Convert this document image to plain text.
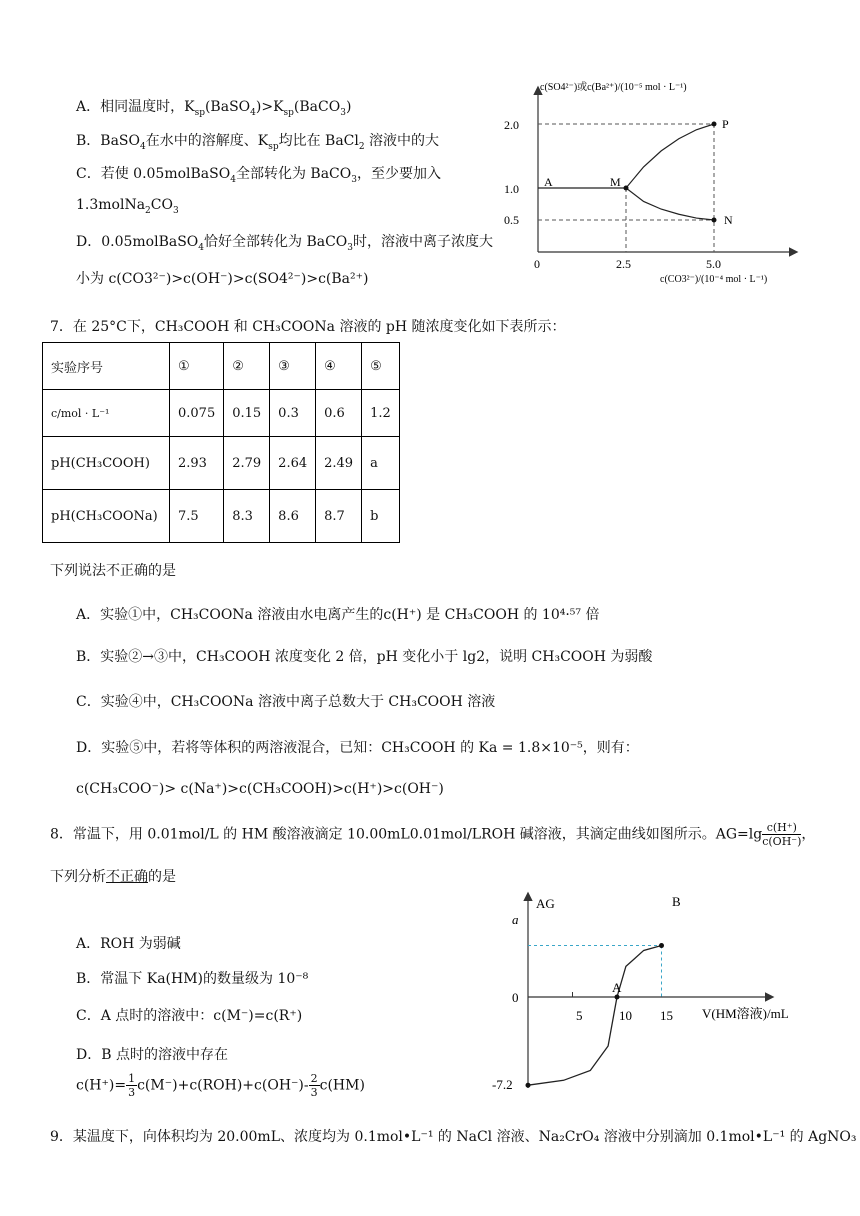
A．相同温度时，$K_{sp}(BaSO_4)>K_{sp}(BaCO_3)$
B．BaSO$_4$在水中的溶解度、$K_{sp}$均比在 BaCl$_2$ 溶液中的大
C．若使 0.05molBaSO$_4$全部转化为 BaCO$_3$，至少要加入
$1.3molNa_2CO_3$
D．0.05molBaSO$_4$恰好全部转化为 BaCO$_3$时，溶液中离子浓度大
小为 c(CO3²⁻)>c(OH⁻)>c(SO4²⁻)>c(Ba²⁺)
c(SO4²⁻)或c(Ba²⁺)/(10⁻⁵ mol · L⁻¹)
c(CO3²⁻)/(10⁻⁴ mol · L⁻¹)
2.0
1.0
0.5
0	2.5	5.0
A	M
P
N
7．在 25°C下，CH₃COOH 和 CH₃COONa 溶液的 pH 随浓度变化如下表所示：
实验序号	①	②	③	④	⑤
c/mol · L⁻¹	0.075	0.15	0.3	0.6	1.2
pH(CH₃COOH)	2.93	2.79	2.64	2.49	a
pH(CH₃COONa)	7.5	8.3	8.6	8.7	b
下列说法不正确的是
A．实验①中，CH₃COONa 溶液由水电离产生的c(H⁺) 是 CH₃COOH 的 10⁴·⁵⁷ 倍
B．实验②→③中，CH₃COOH 浓度变化 2 倍，pH 变化小于 lg2，说明 CH₃COOH 为弱酸
C．实验④中，CH₃COONa 溶液中离子总数大于 CH₃COOH 溶液
D．实验⑤中，若将等体积的两溶液混合，已知：CH₃COOH 的 Ka = 1.8×10⁻⁵，则有：
c(CH₃COO⁻)> c(Na⁺)>c(CH₃COOH)>c(H⁺)>c(OH⁻)
8．常温下，用 0.01mol/L 的 HM 酸溶液滴定 10.00mL0.01mol/LROH 碱溶液，其滴定曲线如图所示。$AG=\lg \frac{c(H^+)}{c(OH^-)}$ ，
下列分析不正确的是
A．ROH 为弱碱
B．常温下 Ka(HM)的数量级为 10⁻⁸
C．A 点时的溶液中：c(M⁻)=c(R⁺)
D．B 点时的溶液中存在
$c(H^+)= \frac{1}{3} c(M^-)+c(ROH)+c(OH^-)- \frac{2}{3} c(HM)$
AG
V(HM溶液)/mL
a
0
-7.2
5	10 15
A
B
9．某温度下，向体积均为 20.00mL、浓度均为 0.1mol•L⁻¹ 的 NaCl 溶液、Na₂CrO₄ 溶液中分别滴加 0.1mol•L⁻¹ 的 AgNO₃
